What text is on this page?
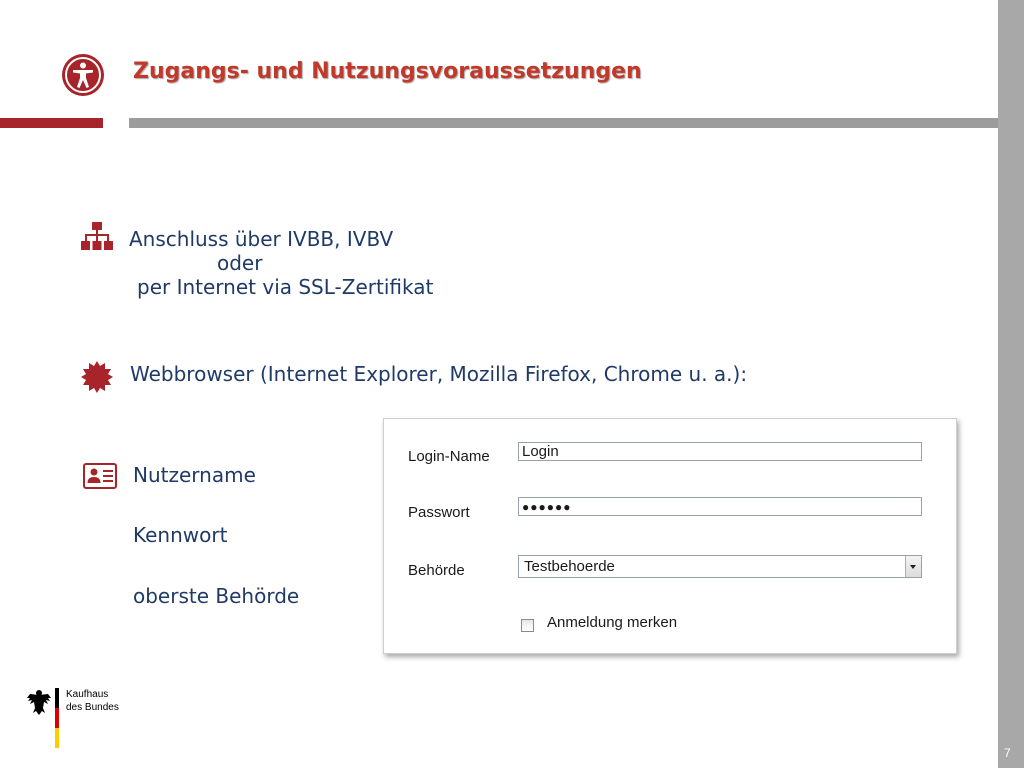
7
Zugangs- und Nutzungsvoraussetzungen
Anschluss über IVBB, IVBV
oder
per Internet via SSL-Zertifikat
Webbrowser (Internet Explorer, Mozilla Firefox, Chrome u. a.):
Nutzername
Kennwort
oberste Behörde
Login-Name Login
Passwort	●●●●●●
Behörde	Testbehoerde
Anmeldung merken
Kaufhaus
des Bundes
